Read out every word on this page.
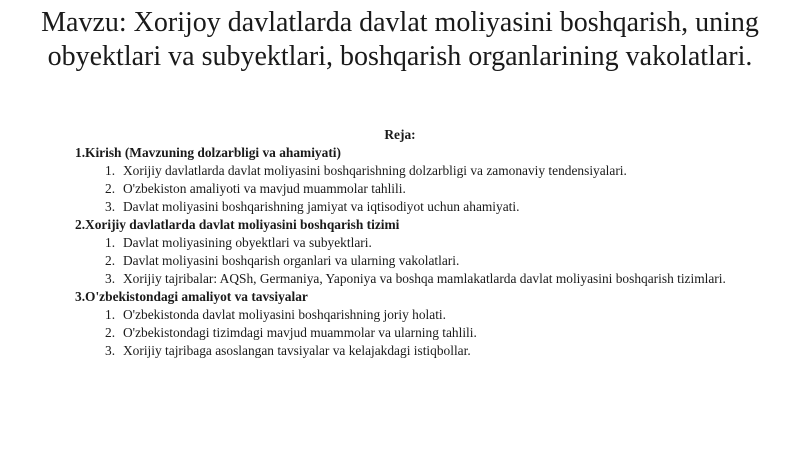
Mavzu: Xorijoy davlatlarda davlat moliyasini boshqarish, uning obyektlari va subyektlari, boshqarish organlarining vakolatlari.
Reja:
1.Kirish (Mavzuning dolzarbligi va ahamiyati)
1. Xorijiy davlatlarda davlat moliyasini boshqarishning dolzarbligi va zamonaviy tendensiyalari.
2. O'zbekiston amaliyoti va mavjud muammolar tahlili.
3. Davlat moliyasini boshqarishning jamiyat va iqtisodiyot uchun ahamiyati.
2.Xorijiy davlatlarda davlat moliyasini boshqarish tizimi
1. Davlat moliyasining obyektlari va subyektlari.
2. Davlat moliyasini boshqarish organlari va ularning vakolatlari.
3. Xorijiy tajribalar: AQSh, Germaniya, Yaponiya va boshqa mamlakatlarda davlat moliyasini boshqarish tizimlari.
3.O'zbekistondagi amaliyot va tavsiyalar
1. O'zbekistonda davlat moliyasini boshqarishning joriy holati.
2. O'zbekistondagi tizimdagi mavjud muammolar va ularning tahlili.
3. Xorijiy tajribaga asoslangan tavsiyalar va kelajakdagi istiqbollar.
